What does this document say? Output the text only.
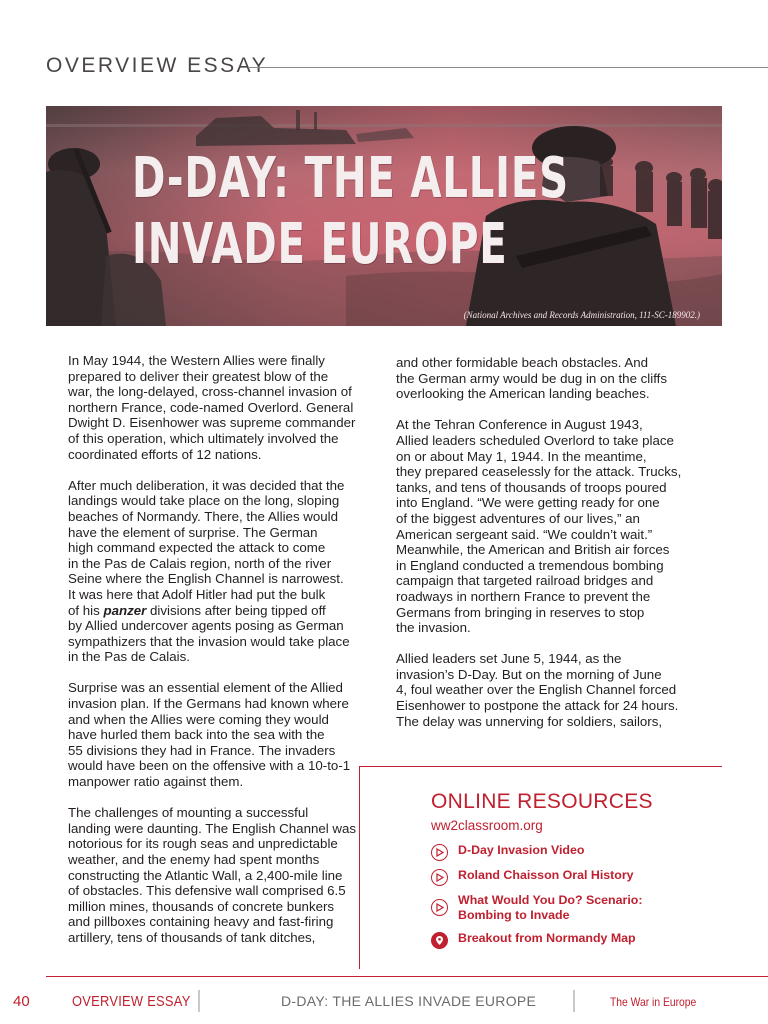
OVERVIEW ESSAY
D-DAY: THE ALLIES
INVADE EUROPE
(National Archives and Records Administration, 111-SC-189902.)

In May 1944, the Western Allies were finally
prepared to deliver their greatest blow of the
war, the long-delayed, cross-channel invasion of
northern France, code-named Overlord. General
Dwight D. Eisenhower was supreme commander
of this operation, which ultimately involved the
coordinated efforts of 12 nations.

After much deliberation, it was decided that the
landings would take place on the long, sloping
beaches of Normandy. There, the Allies would
have the element of surprise. The German
high command expected the attack to come
in the Pas de Calais region, north of the river
Seine where the English Channel is narrowest.
It was here that Adolf Hitler had put the bulk
of his panzer divisions after being tipped off
by Allied undercover agents posing as German
sympathizers that the invasion would take place
in the Pas de Calais.

Surprise was an essential element of the Allied
invasion plan. If the Germans had known where
and when the Allies were coming they would
have hurled them back into the sea with the
55 divisions they had in France. The invaders
would have been on the offensive with a 10-to-1
manpower ratio against them.

The challenges of mounting a successful
landing were daunting. The English Channel was
notorious for its rough seas and unpredictable
weather, and the enemy had spent months
constructing the Atlantic Wall, a 2,400-mile line
of obstacles. This defensive wall comprised 6.5
million mines, thousands of concrete bunkers
and pillboxes containing heavy and fast-firing
artillery, tens of thousands of tank ditches,

and other formidable beach obstacles. And
the German army would be dug in on the cliffs
overlooking the American landing beaches.

At the Tehran Conference in August 1943,
Allied leaders scheduled Overlord to take place
on or about May 1, 1944. In the meantime,
they prepared ceaselessly for the attack. Trucks,
tanks, and tens of thousands of troops poured
into England. “We were getting ready for one
of the biggest adventures of our lives,” an
American sergeant said. “We couldn’t wait.”
Meanwhile, the American and British air forces
in England conducted a tremendous bombing
campaign that targeted railroad bridges and
roadways in northern France to prevent the
Germans from bringing in reserves to stop
the invasion.

Allied leaders set June 5, 1944, as the
invasion’s D-Day. But on the morning of June
4, foul weather over the English Channel forced
Eisenhower to postpone the attack for 24 hours.
The delay was unnerving for soldiers, sailors,

ONLINE RESOURCES
ww2classroom.org
D-Day Invasion Video
Roland Chaisson Oral History
What Would You Do? Scenario:
Bombing to Invade
Breakout from Normandy Map
40	OVERVIEW ESSAY	D-DAY: THE ALLIES INVADE EUROPE	The War in Europe
